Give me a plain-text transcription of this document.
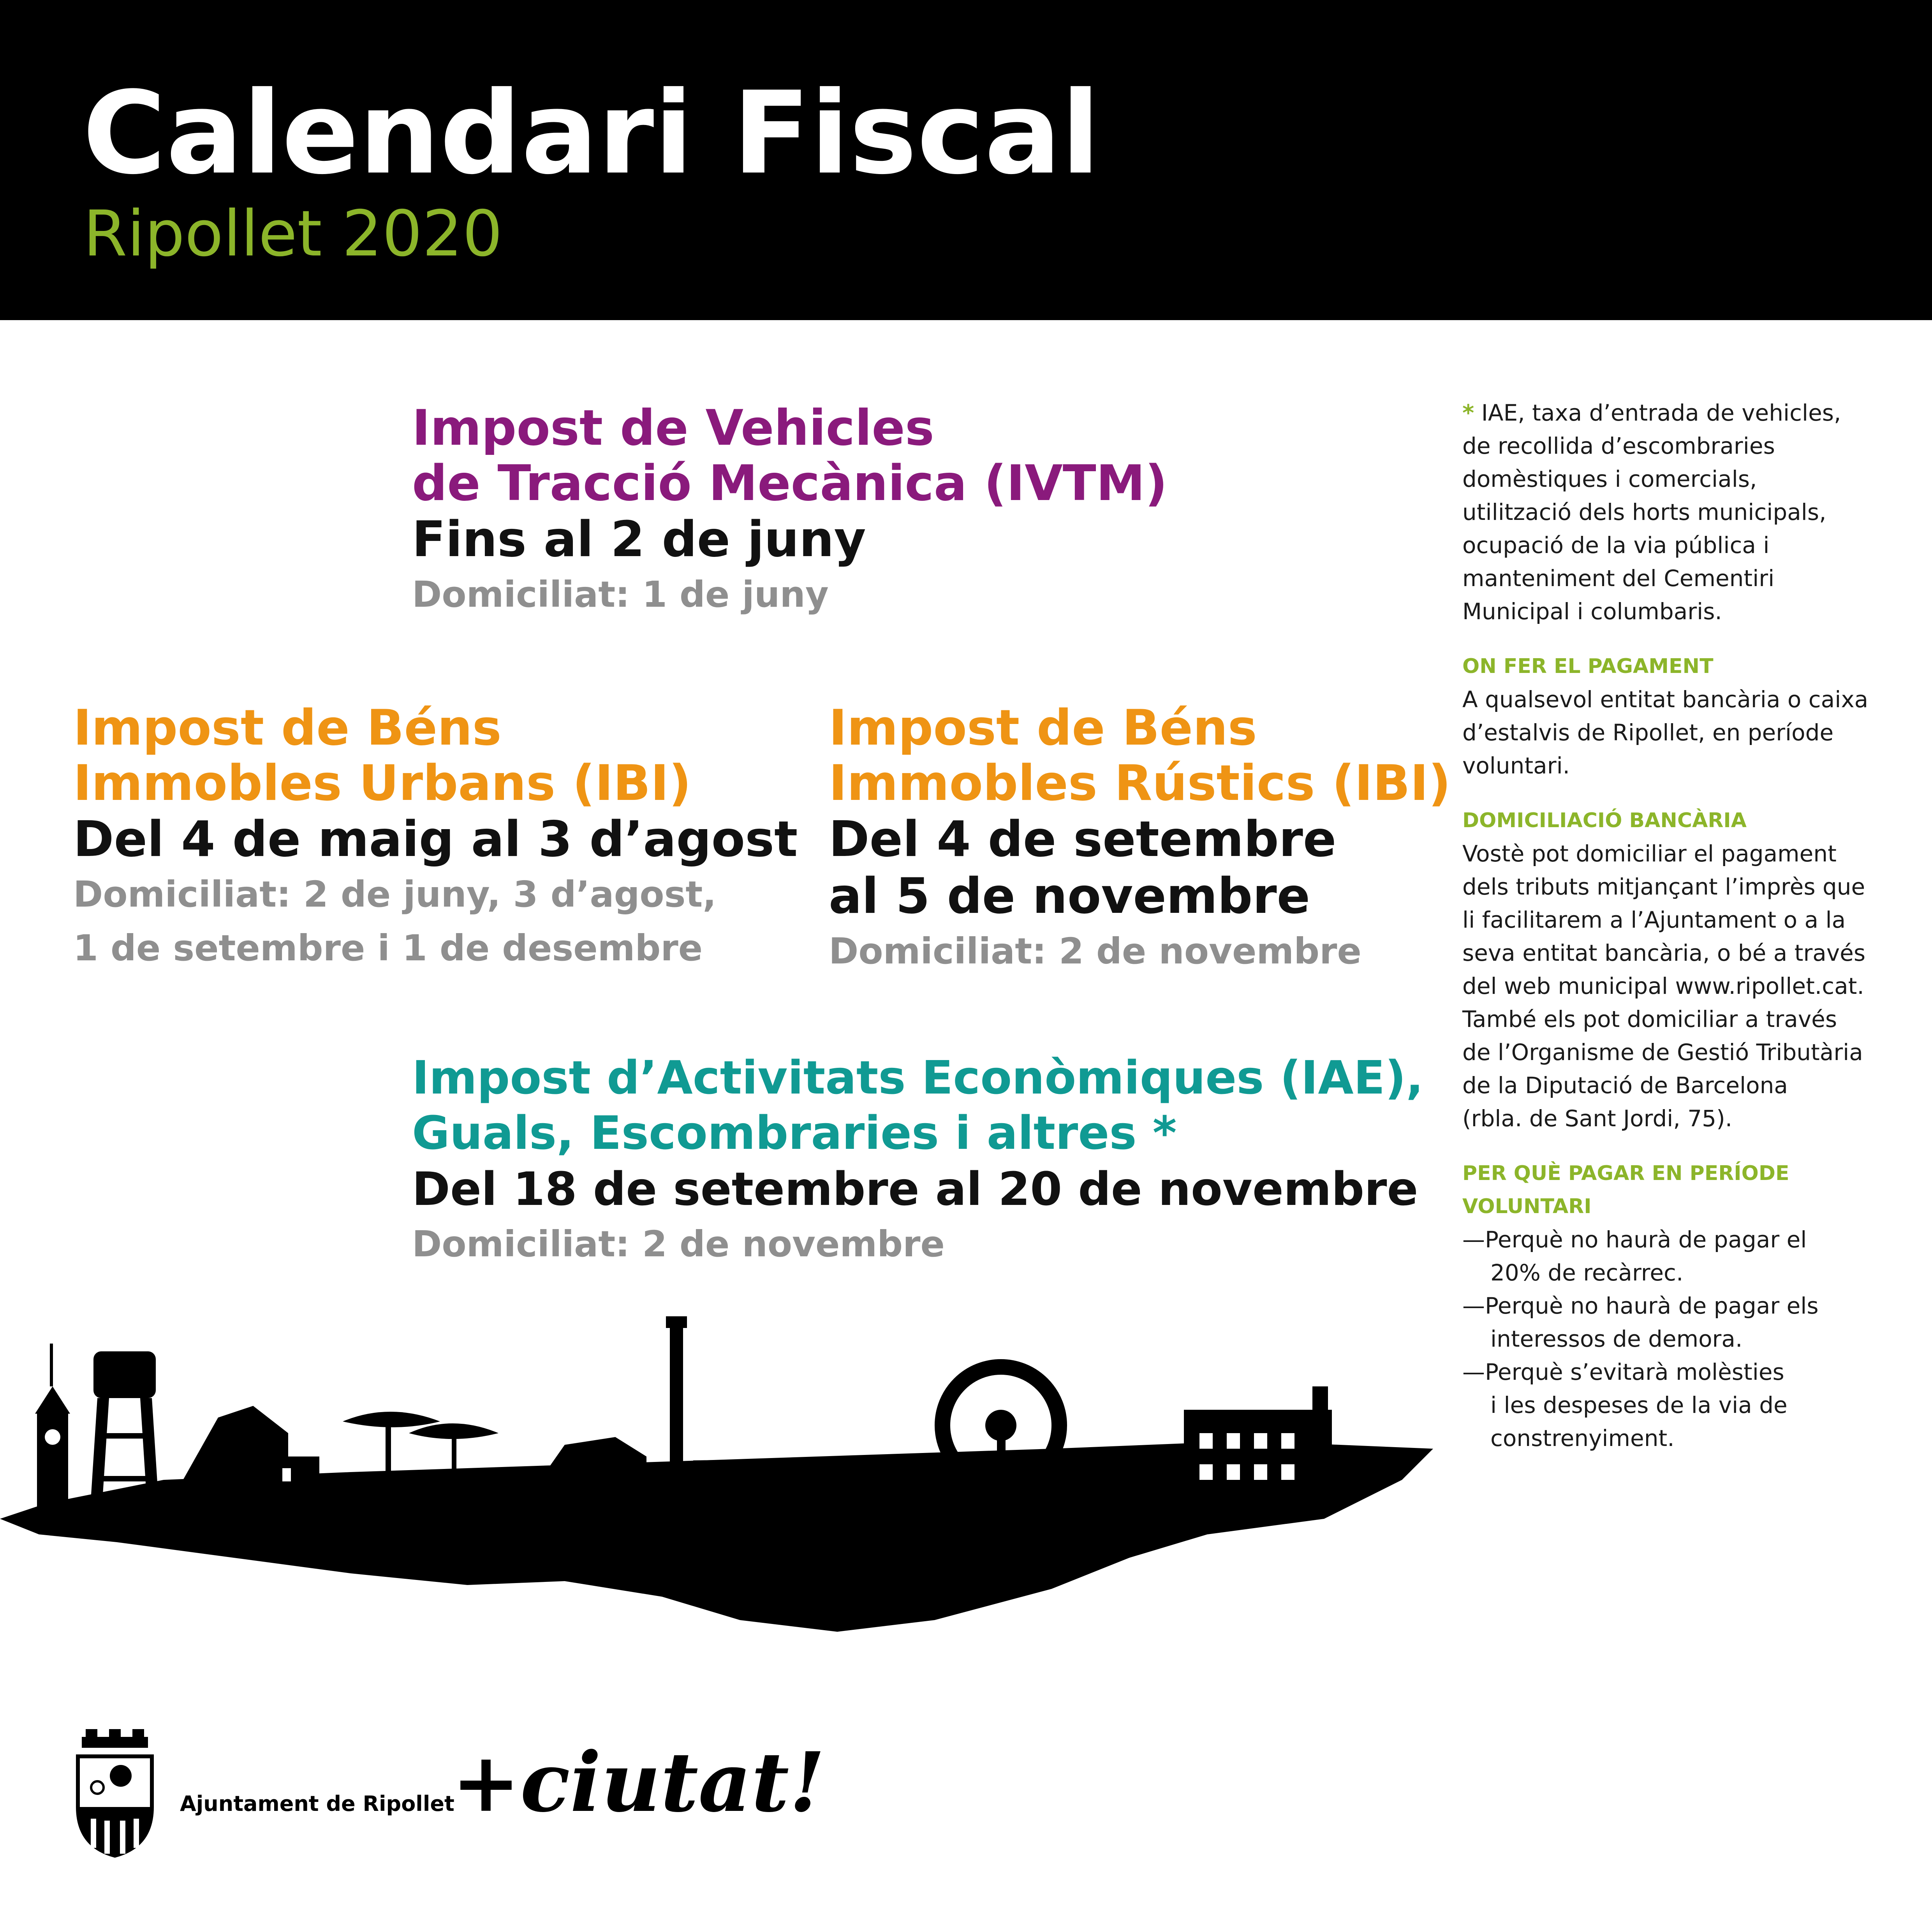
Calendari Fiscal
Ripollet 2020
Impost de Vehicles
de Tracció Mecànica (IVTM)
Fins al 2 de juny
Domiciliat: 1 de juny
Impost de Béns
Immobles Urbans (IBI)
Del 4 de maig al 3 d’agost
Domiciliat: 2 de juny, 3 d’agost,
1 de setembre i 1 de desembre
Impost de Béns
Immobles Rústics (IBI)
Del 4 de setembre
al 5 de novembre
Domiciliat: 2 de novembre
Impost d’Activitats Econòmiques (IAE),
Guals, Escombraries i altres *
Del 18 de setembre al 20 de novembre
Domiciliat: 2 de novembre
* IAE, taxa d’entrada de vehicles,
de recollida d’escombraries
domèstiques i comercials,
utilització dels horts municipals,
ocupació de la via pública i
manteniment del Cementiri
Municipal i columbaris.
ON FER EL PAGAMENT
A qualsevol entitat bancària o caixa
d’estalvis de Ripollet, en període
voluntari.
DOMICILIACIÓ BANCÀRIA
Vostè pot domiciliar el pagament
dels tributs mitjançant l’imprès que
li facilitarem a l’Ajuntament o a la
seva entitat bancària, o bé a través
del web municipal www.ripollet.cat.
També els pot domiciliar a través
de l’Organisme de Gestió Tributària
de la Diputació de Barcelona
(rbla. de Sant Jordi, 75).
PER QUÈ PAGAR EN PERÍODE
VOLUNTARI
—Perquè no haurà de pagar el
20% de recàrrec.
—Perquè no haurà de pagar els
interessos de demora.
—Perquè s’evitarà molèsties
i les despeses de la via de
constrenyiment.
Ajuntament de Ripollet
+ciutat!
